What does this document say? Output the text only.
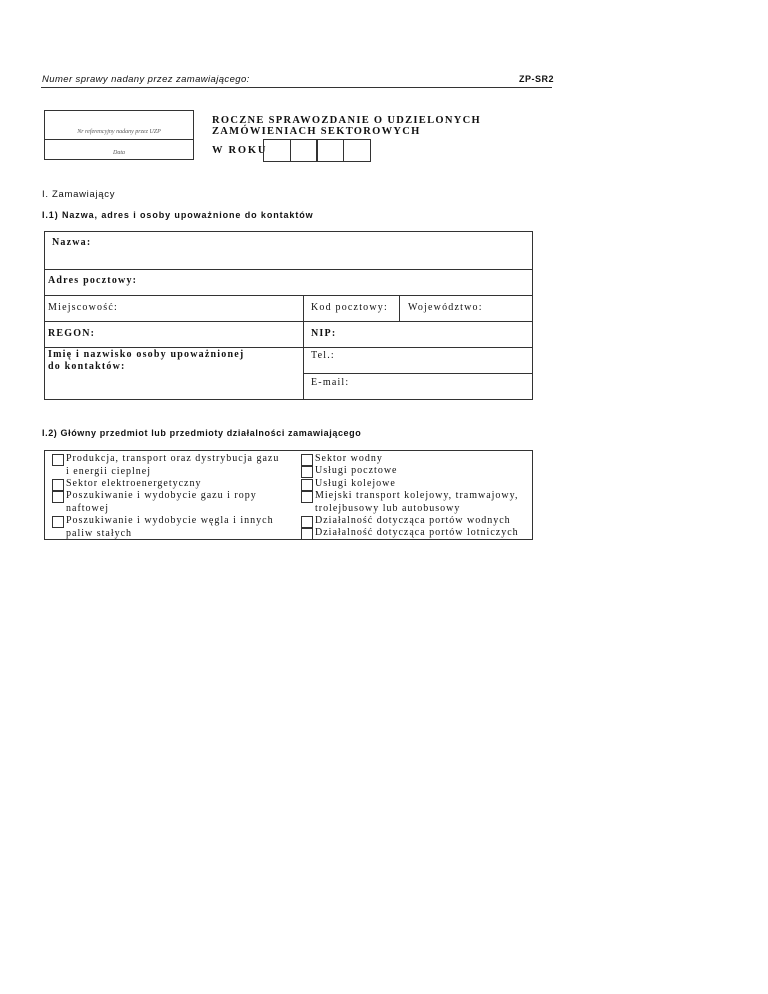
Numer sprawy nadany przez zamawiającego:	ZP-SR2
Nr referencyjny nadany przez UZP
Data
ROCZNE SPRAWOZDANIE O UDZIELONYCH
ZAMÓWIENIACH SEKTOROWYCH
W ROKU
I. Zamawiający
I.1) Nazwa, adres i osoby upoważnione do kontaktów
Nazwa:
Adres pocztowy:
Miejscowość:	Kod pocztowy: Województwo:
REGON:	NIP:
Imię i nazwisko osoby upoważnionej
do kontaktów:
Tel.:
E-mail:
I.2) Główny przedmiot lub przedmioty działalności zamawiającego
Produkcja, transport oraz dystrybucja gazu
i energii cieplnej
Sektor elektroenergetyczny
Poszukiwanie i wydobycie gazu i ropy
naftowej
Poszukiwanie i wydobycie węgla i innych
paliw stałych
Sektor wodny
Usługi pocztowe
Usługi kolejowe
Miejski transport kolejowy, tramwajowy,
trolejbusowy lub autobusowy
Działalność dotycząca portów wodnych
Działalność dotycząca portów lotniczych
